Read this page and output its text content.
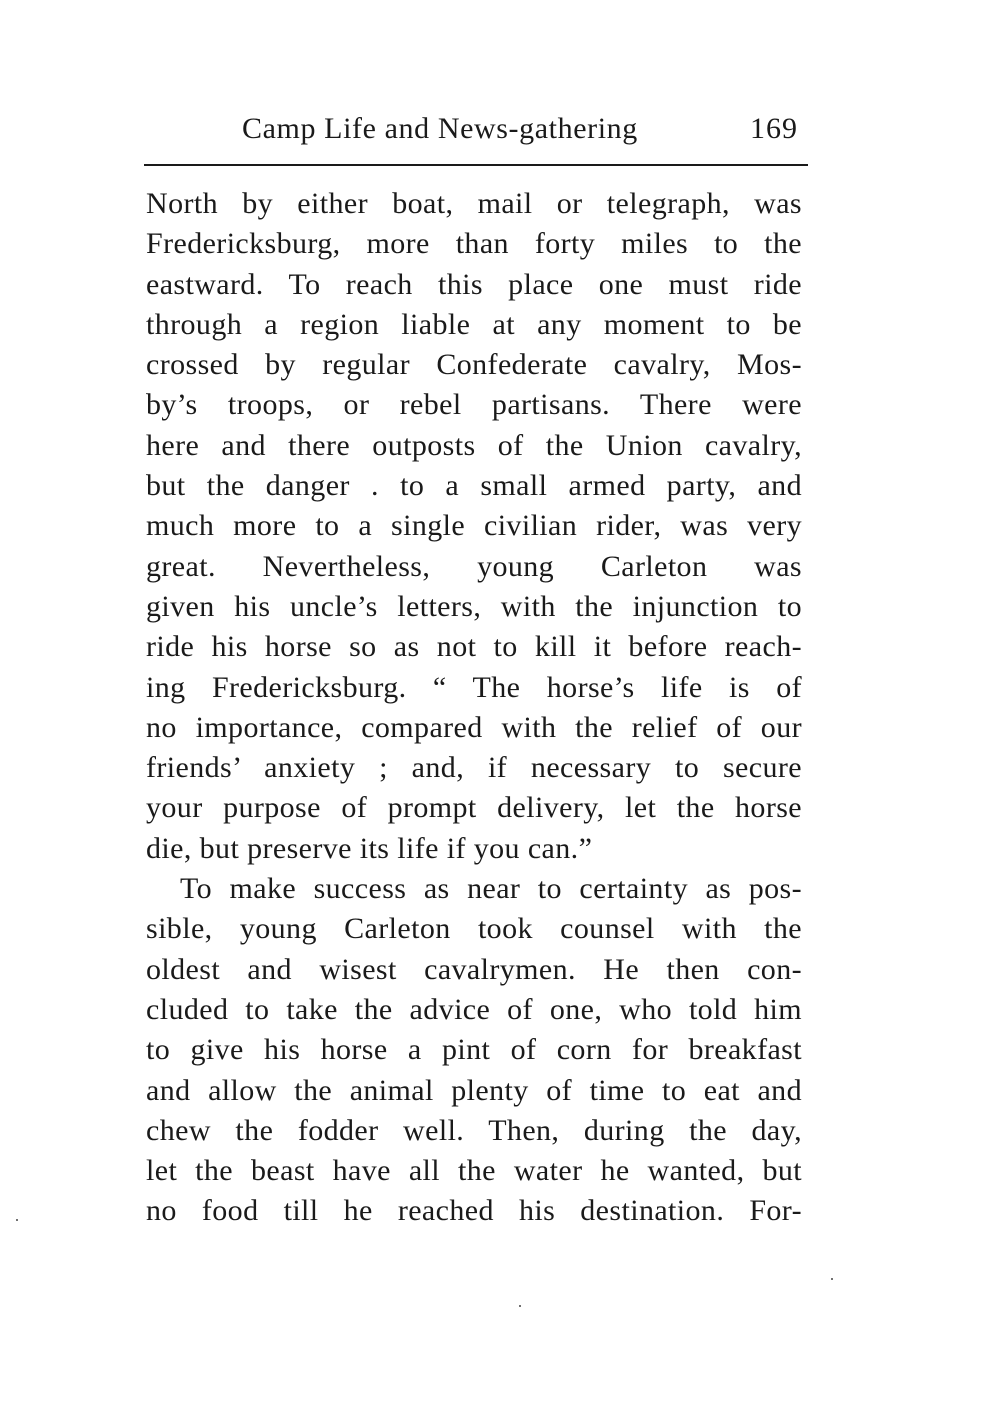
Camp Life and News-gathering	169
North by either boat, mail or telegraph, was
Fredericksburg, more than forty miles to the
eastward. To reach this place one must ride
through a region liable at any moment to be
crossed by regular Confederate cavalry, Mos-
by’s troops, or rebel partisans. There were
here and there outposts of the Union cavalry,
but the danger . to a small armed party, and
much more to a single civilian rider, was very
great. Nevertheless, young Carleton was
given his uncle’s letters, with the injunction to
ride his horse so as not to kill it before reach-
ing Fredericksburg. “ The horse’s life is of
no importance, compared with the relief of our
friends’ anxiety ; and, if necessary to secure
your purpose of prompt delivery, let the horse
die, but preserve its life if you can.”
To make success as near to certainty as pos-
sible, young Carleton took counsel with the
oldest and wisest cavalrymen. He then con-
cluded to take the advice of one, who told him
to give his horse a pint of corn for breakfast
and allow the animal plenty of time to eat and
chew the fodder well. Then, during the day,
let the beast have all the water he wanted, but
no food till he reached his destination. For-
